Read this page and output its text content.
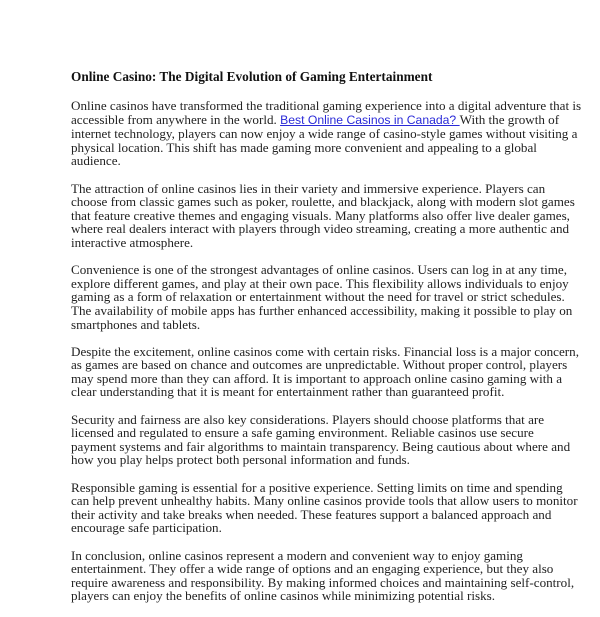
Online Casino: The Digital Evolution of Gaming Entertainment

Online casinos have transformed the traditional gaming experience into a digital adventure that is
accessible from anywhere in the world. Best Online Casinos in Canada? With the growth of
internet technology, players can now enjoy a wide range of casino-style games without visiting a
physical location. This shift has made gaming more convenient and appealing to a global
audience.

The attraction of online casinos lies in their variety and immersive experience. Players can
choose from classic games such as poker, roulette, and blackjack, along with modern slot games
that feature creative themes and engaging visuals. Many platforms also offer live dealer games,
where real dealers interact with players through video streaming, creating a more authentic and
interactive atmosphere.

Convenience is one of the strongest advantages of online casinos. Users can log in at any time,
explore different games, and play at their own pace. This flexibility allows individuals to enjoy
gaming as a form of relaxation or entertainment without the need for travel or strict schedules.
The availability of mobile apps has further enhanced accessibility, making it possible to play on
smartphones and tablets.

Despite the excitement, online casinos come with certain risks. Financial loss is a major concern,
as games are based on chance and outcomes are unpredictable. Without proper control, players
may spend more than they can afford. It is important to approach online casino gaming with a
clear understanding that it is meant for entertainment rather than guaranteed profit.

Security and fairness are also key considerations. Players should choose platforms that are
licensed and regulated to ensure a safe gaming environment. Reliable casinos use secure
payment systems and fair algorithms to maintain transparency. Being cautious about where and
how you play helps protect both personal information and funds.

Responsible gaming is essential for a positive experience. Setting limits on time and spending
can help prevent unhealthy habits. Many online casinos provide tools that allow users to monitor
their activity and take breaks when needed. These features support a balanced approach and
encourage safe participation.

In conclusion, online casinos represent a modern and convenient way to enjoy gaming
entertainment. They offer a wide range of options and an engaging experience, but they also
require awareness and responsibility. By making informed choices and maintaining self-control,
players can enjoy the benefits of online casinos while minimizing potential risks.
